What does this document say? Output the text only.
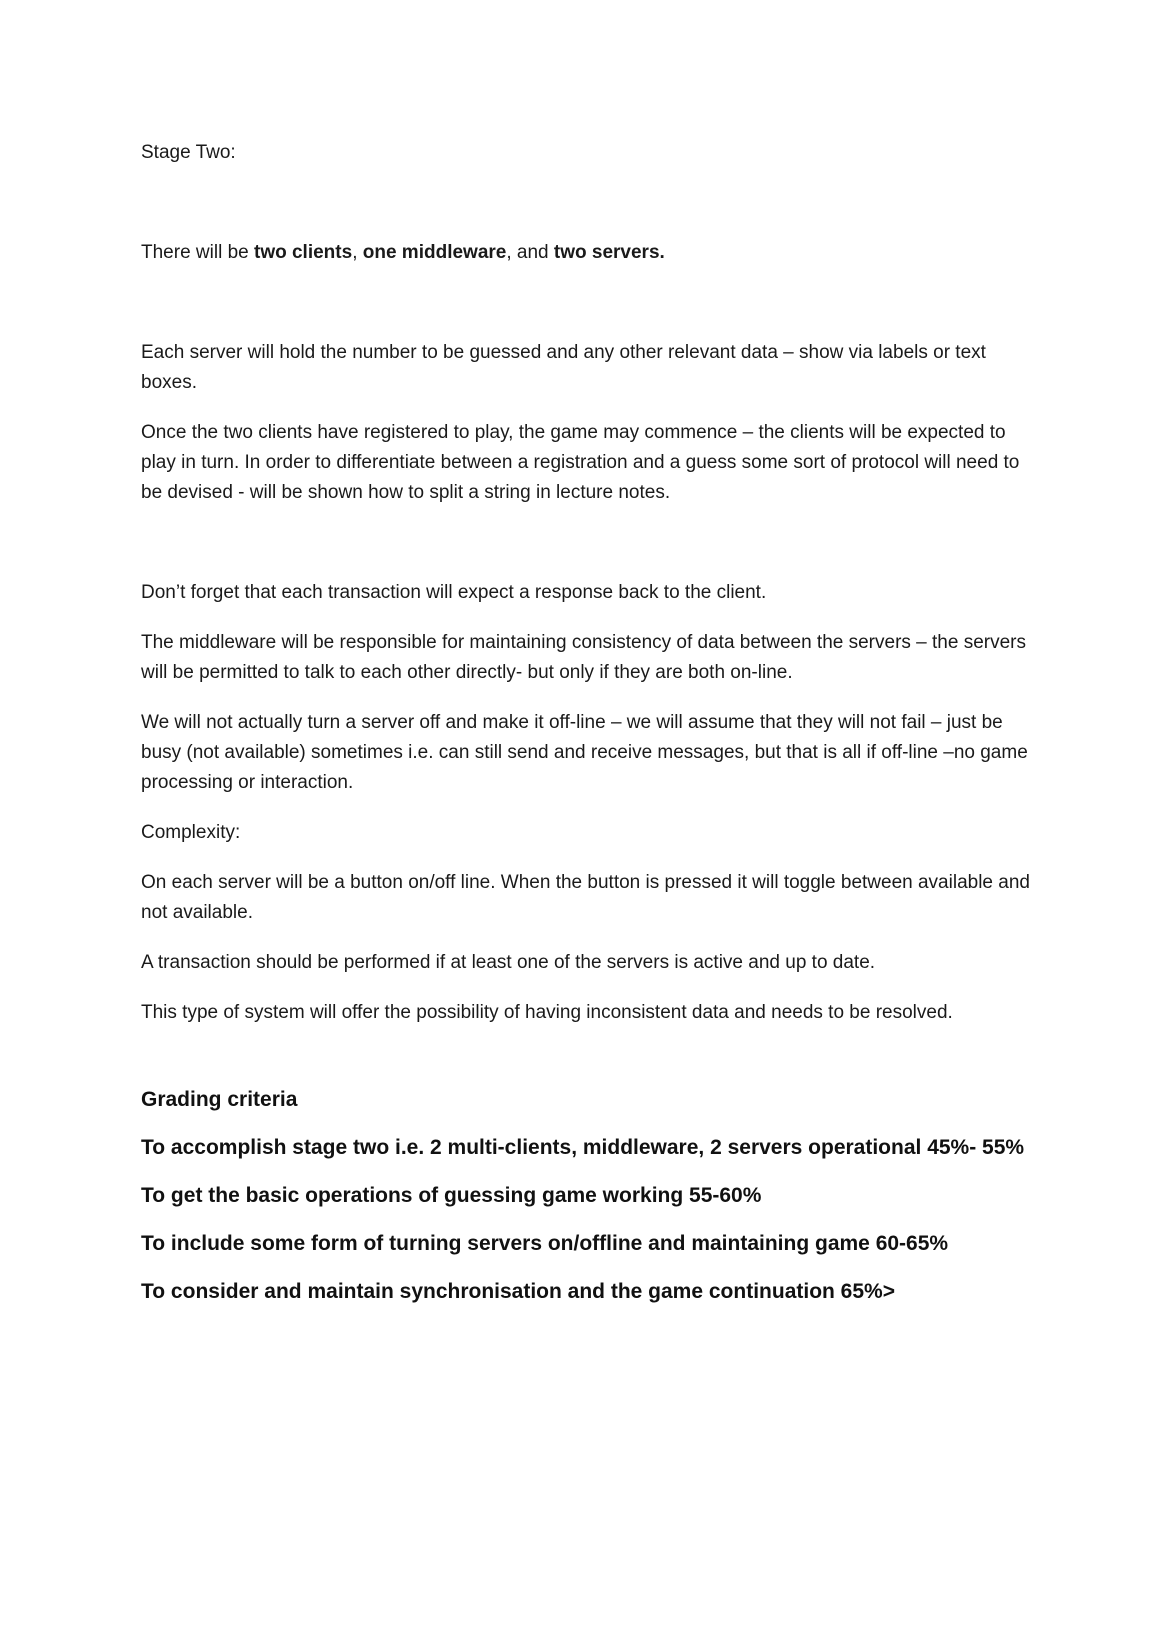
Stage Two:

There will be two clients, one middleware, and two servers.

Each server will hold the number to be guessed and any other relevant data – show via labels or text boxes.

Once the two clients have registered to play, the game may commence – the clients will be expected to play in turn. In order to differentiate between a registration and a guess some sort of protocol will need to be devised - will be shown how to split a string in lecture notes.

Don’t forget that each transaction will expect a response back to the client.

The middleware will be responsible for maintaining consistency of data between the servers – the servers will be permitted to talk to each other directly- but only if they are both on-line.

We will not actually turn a server off and make it off-line – we will assume that they will not fail – just be busy (not available) sometimes i.e. can still send and receive messages, but that is all if off-line –no game processing or interaction.

Complexity:

On each server will be a button on/off line. When the button is pressed it will toggle between available and not available.

A transaction should be performed if at least one of the servers is active and up to date.

This type of system will offer the possibility of having inconsistent data and needs to be resolved.

Grading criteria
To accomplish stage two i.e. 2 multi-clients, middleware, 2 servers operational 45%- 55%
To get the basic operations of guessing game working 55-60%
To include some form of turning servers on/offline and maintaining game 60-65%
To consider and maintain synchronisation and the game continuation 65%>
